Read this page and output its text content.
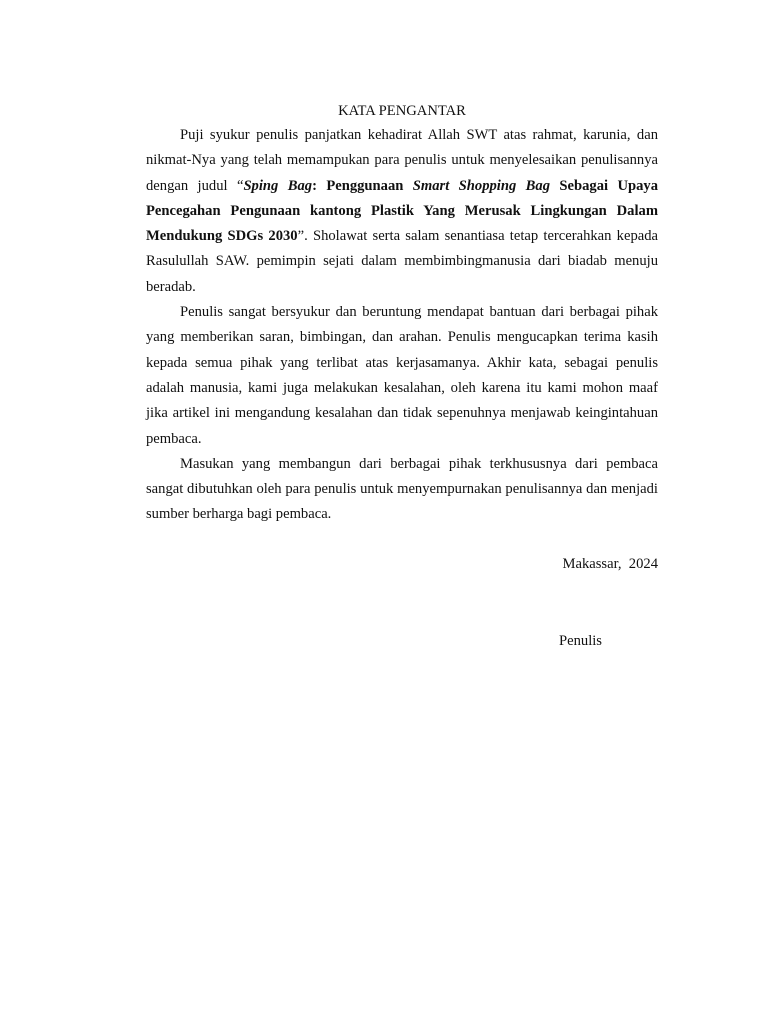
KATA PENGANTAR

Puji syukur penulis panjatkan kehadirat Allah SWT atas rahmat, karunia, dan nikmat-Nya yang telah memampukan para penulis untuk menyelesaikan penulisannya dengan judul “Sping Bag: Penggunaan Smart Shopping Bag Sebagai Upaya Pencegahan Pengunaan kantong Plastik Yang Merusak Lingkungan Dalam Mendukung SDGs 2030”. Sholawat serta salam senantiasa tetap tercerahkan kepada Rasulullah SAW. pemimpin sejati dalam membimbingmanusia dari biadab menuju beradab.

Penulis sangat bersyukur dan beruntung mendapat bantuan dari berbagai pihak yang memberikan saran, bimbingan, dan arahan. Penulis mengucapkan terima kasih kepada semua pihak yang terlibat atas kerjasamanya. Akhir kata, sebagai penulis adalah manusia, kami juga melakukan kesalahan, oleh karena itu kami mohon maaf jika artikel ini mengandung kesalahan dan tidak sepenuhnya menjawab keingintahuan pembaca.

Masukan yang membangun dari berbagai pihak terkhususnya dari pembaca sangat dibutuhkan oleh para penulis untuk menyempurnakan penulisannya dan menjadi sumber berharga bagi pembaca.

Makassar,  2024
Penulis
